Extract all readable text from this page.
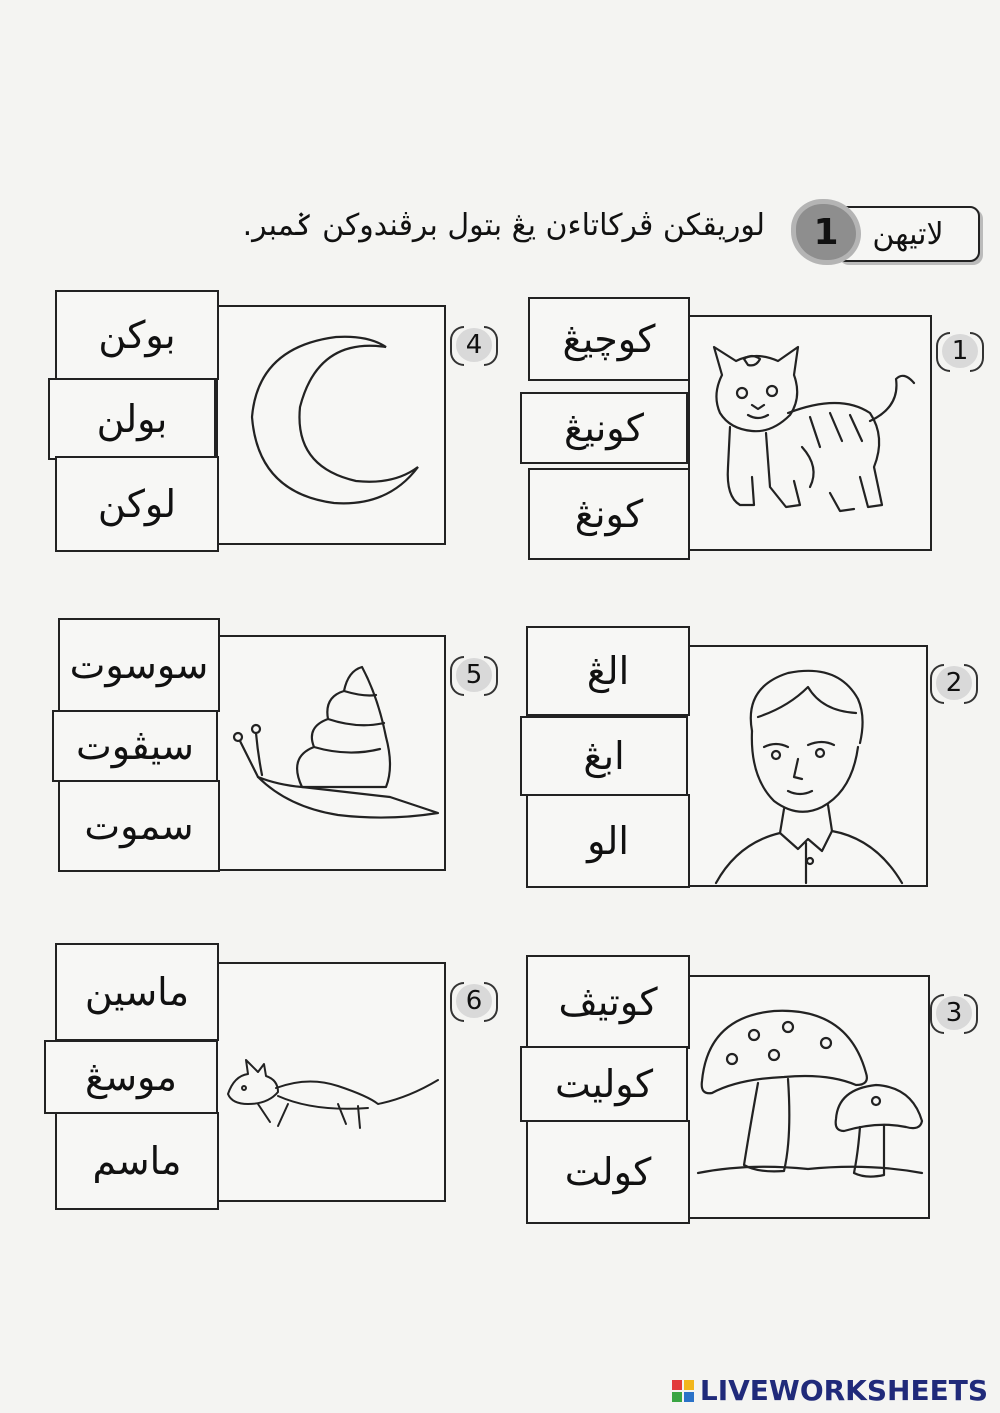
لاتيهن
1
لوريقکن ڤرکاتاءن يڠ بتول برڤندوکن ݢمبر.
1
کوچيڠ
کونيڠ
کونڠ
4
بوکن
بولن
لوکن
2
الڠ
ابڠ
الو
5
سوسوت
سيڤوت
سموت
3
کوتيڤ
کوليت
کولت
6
ماسين
موسڠ
ماسم
LIVEWORKSHEETS
